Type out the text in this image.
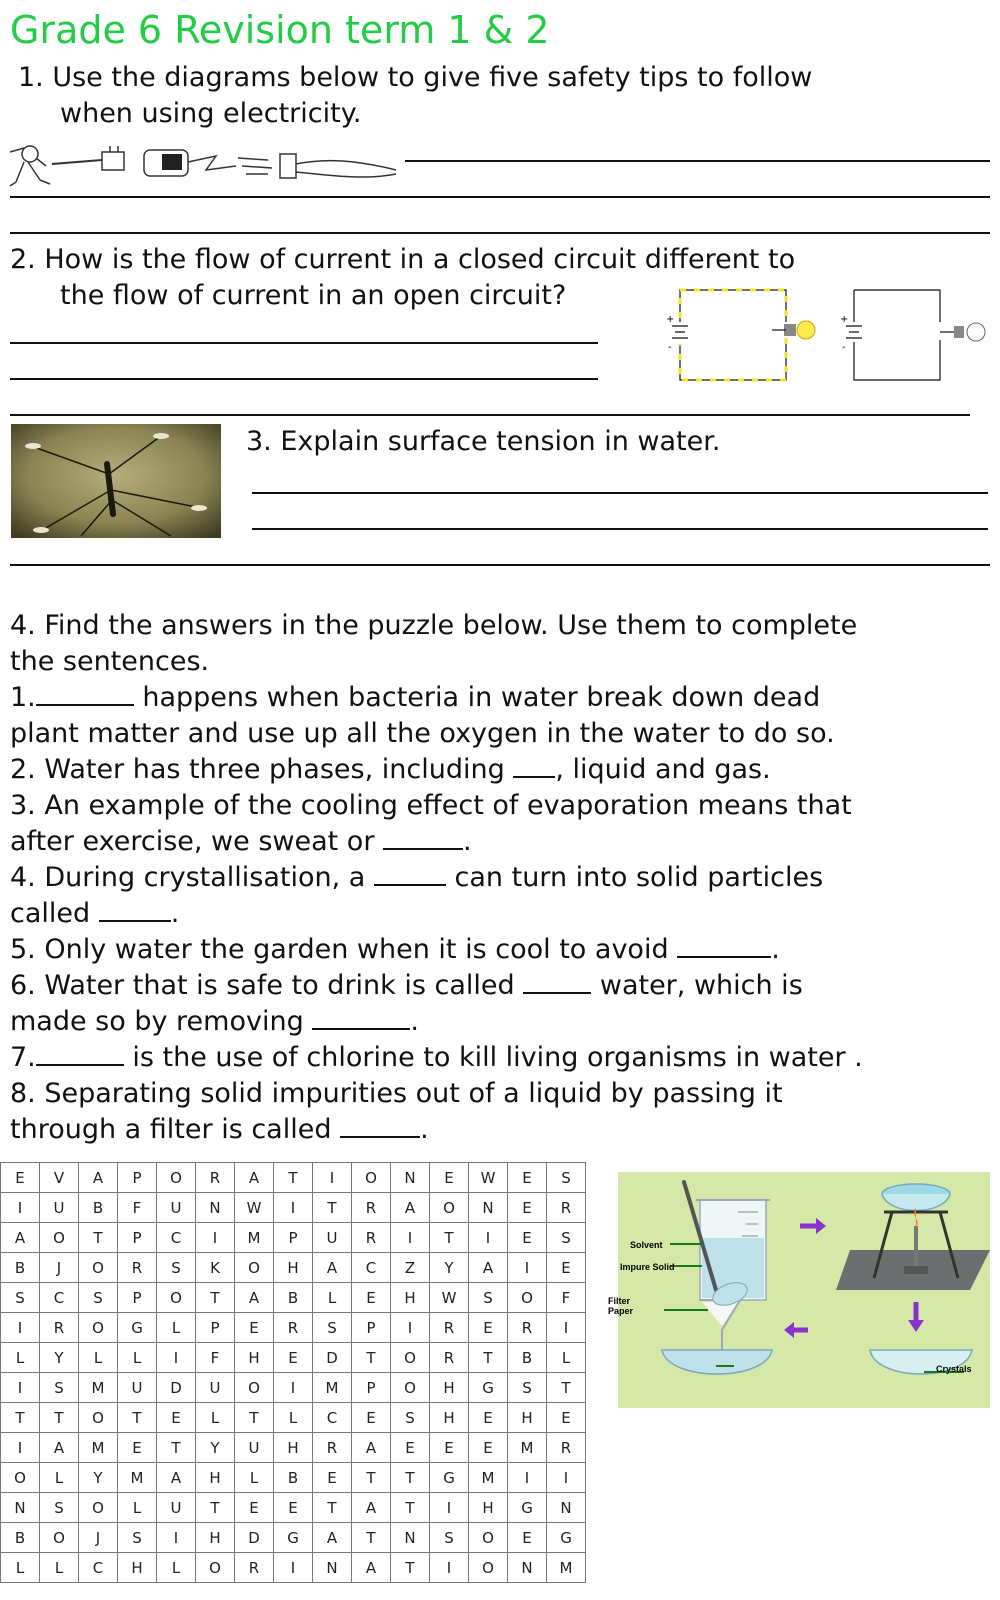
Grade 6 Revision term 1 & 2
1. Use the diagrams below to give five safety tips to follow
when using electricity.
2. How is the flow of current in a closed circuit different to
the flow of current in an open circuit?
+
-
+
-
3. Explain surface tension in water.
4. Find the answers in the puzzle below. Use them to complete
the sentences.
1.	happens when bacteria in water break down dead
plant matter and use up all the oxygen in the water to do so.
2. Water has three phases, including , liquid and gas.
3. An example of the cooling effect of evaporation means that
after exercise, we sweat or	.
4. During crystallisation, a	can turn into solid particles
called	.
5. Only water the garden when it is cool to avoid	.
6. Water that is safe to drink is called	water, which is
made so by removing	.
7.	is the use of chlorine to kill living organisms in water .
8. Separating solid impurities out of a liquid by passing it
through a filter is called	.
E	V	A	P	O	R	A	T	I	O	N	E	W	E	S
I	U	B	F	U	N	W	I	T	R	A	O	N	E	R
A	O	T	P	C	I	M	P	U	R	I	T	I	E	S
B	J	O	R	S	K	O	H	A	C	Z	Y	A	I	E
S	C	S	P	O	T	A	B	L	E	H	W	S	O	F
I	R	O	G	L	P	E	R	S	P	I	R	E	R	I
L	Y	L	L	I	F	H	E	D	T	O	R	T	B	L
I	S	M	U	D	U	O	I	M	P	O	H	G	S	T
T	T	O	T	E	L	T	L	C	E	S	H	E	H	E
I	A	M	E	T	Y	U	H	R	A	E	E	E	M	R
O	L	Y	M	A	H	L	B	E	T	T	G	M	I	I
N	S	O	L	U	T	E	E	T	A	T	I	H	G	N
B	O	J	S	I	H	D	G	A	T	N	S	O	E	G
L	L	C	H	L	O	R	I	N	A	T	I	O	N	M
Solvent
Impure Solid
Filter
Paper
Crystals
